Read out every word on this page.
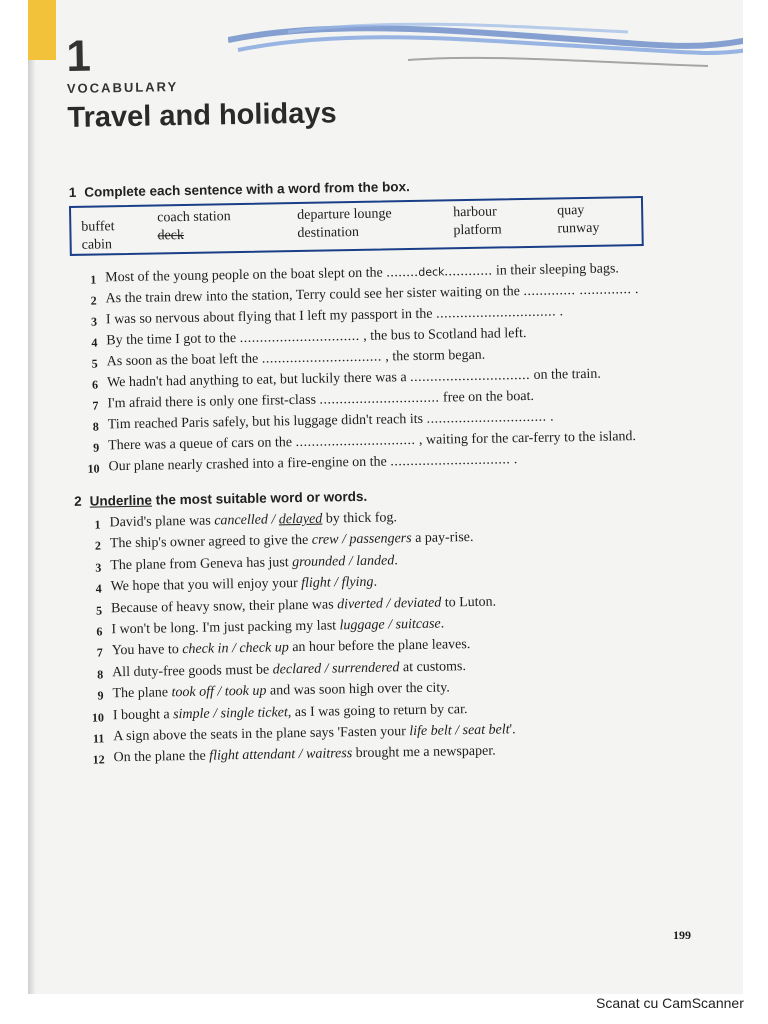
1
VOCABULARY
Travel and holidays
1 Complete each sentence with a word from the box.
buffet
cabin
coach station
deck
departure lounge
destination
harbour
platform
quay
runway
1 Most of the young people on the boat slept on the ........deck............ in their sleeping bags.
2 As the train drew into the station, Terry could see her sister waiting on the ............. ............. .
3 I was so nervous about flying that I left my passport in the .............................. .
4 By the time I got to the .............................. , the bus to Scotland had left.
5 As soon as the boat left the .............................. , the storm began.
6 We hadn't had anything to eat, but luckily there was a .............................. on the train.
7 I'm afraid there is only one first-class .............................. free on the boat.
8 Tim reached Paris safely, but his luggage didn't reach its .............................. .
9 There was a queue of cars on the .............................. , waiting for the car-ferry to the island.
10 Our plane nearly crashed into a fire-engine on the .............................. .
2 Underline the most suitable word or words.
1 David's plane was cancelled / delayed by thick fog.
2 The ship's owner agreed to give the crew / passengers a pay-rise.
3 The plane from Geneva has just grounded / landed.
4 We hope that you will enjoy your flight / flying.
5 Because of heavy snow, their plane was diverted / deviated to Luton.
6 I won't be long. I'm just packing my last luggage / suitcase.
7 You have to check in / check up an hour before the plane leaves.
8 All duty-free goods must be declared / surrendered at customs.
9 The plane took off / took up and was soon high over the city.
10 I bought a simple / single ticket, as I was going to return by car.
11 A sign above the seats in the plane says 'Fasten your life belt / seat belt'.
12 On the plane the flight attendant / waitress brought me a newspaper.
199
Scanat cu CamScanner
